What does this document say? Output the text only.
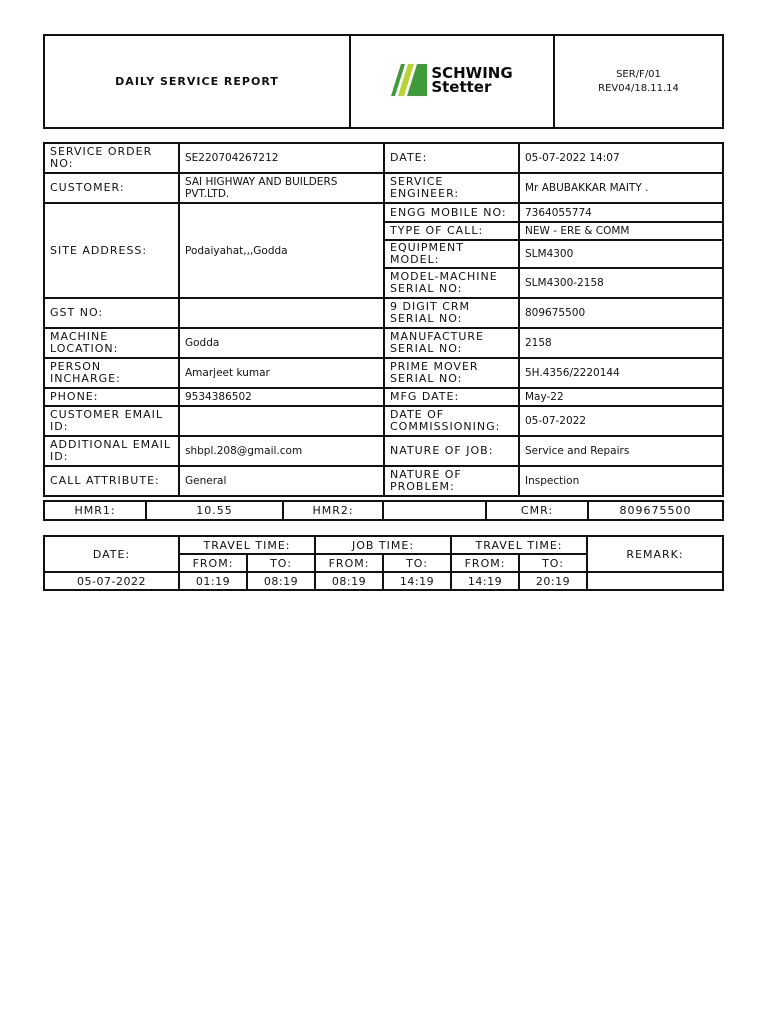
DAILY SERVICE REPORT	SCHWING
Stetter

SER/F/01
REV04/18.11.14
SERVICE ORDER NO:	SE220704267212	DATE:	05-07-2022 14:07
CUSTOMER:	SAI HIGHWAY AND BUILDERS PVT.LTD.	SERVICE ENGINEER:	Mr ABUBAKKAR MAITY .
SITE ADDRESS:	Podaiyahat,,,Godda	ENGG MOBILE NO:	7364055774
		TYPE OF CALL:	NEW - ERE & COMM
		EQUIPMENT MODEL:	SLM4300
		MODEL-MACHINE SERIAL NO:	SLM4300-2158
GST NO:		9 DIGIT CRM SERIAL NO:	809675500
MACHINE LOCATION:	Godda	MANUFACTURE SERIAL NO:	2158
PERSON INCHARGE:	Amarjeet kumar	PRIME MOVER SERIAL NO:	5H.4356/2220144
PHONE:	9534386502	MFG DATE:	May-22
CUSTOMER EMAIL ID:		DATE OF COMMISSIONING:	05-07-2022
ADDITIONAL EMAIL ID:	shbpl.208@gmail.com	NATURE OF JOB:	Service and Repairs
CALL ATTRIBUTE:	General	NATURE OF PROBLEM:	Inspection
HMR1:	10.55	HMR2:		CMR:	809675500
DATE:	TRAVEL TIME:		JOB TIME:		TRAVEL TIME:		REMARK:
	FROM:	TO:	FROM:	TO:	FROM:	TO:	
05-07-2022	01:19	08:19	08:19	14:19	14:19	20:19	
